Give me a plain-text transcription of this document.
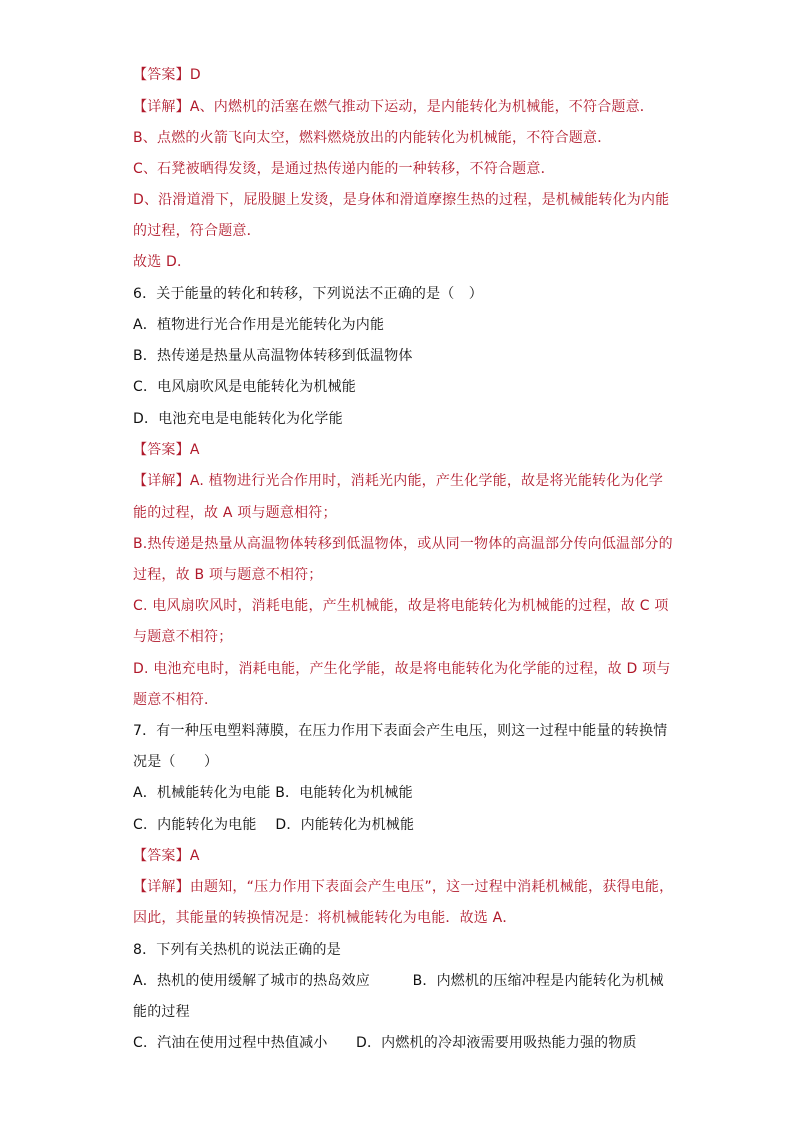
【答案】D
【详解】A、内燃机的活塞在燃气推动下运动，是内能转化为机械能，不符合题意．
B、点燃的火箭飞向太空，燃料燃烧放出的内能转化为机械能，不符合题意．
C、石凳被晒得发烫，是通过热传递内能的一种转移，不符合题意．
D、沿滑道滑下，屁股腿上发烫，是身体和滑道摩擦生热的过程，是机械能转化为内能
的过程，符合题意．
故选 D．
6．关于能量的转化和转移，下列说法不正确的是（　）
A．植物进行光合作用是光能转化为内能
B．热传递是热量从高温物体转移到低温物体
C．电风扇吹风是电能转化为机械能
D．电池充电是电能转化为化学能
【答案】A
【详解】A. 植物进行光合作用时，消耗光内能，产生化学能，故是将光能转化为化学
能的过程，故 A 项与题意相符；
B.热传递是热量从高温物体转移到低温物体，或从同一物体的高温部分传向低温部分的
过程，故 B 项与题意不相符；
C. 电风扇吹风时，消耗电能，产生机械能，故是将电能转化为机械能的过程，故 C 项
与题意不相符；
D. 电池充电时，消耗电能，产生化学能，故是将电能转化为化学能的过程，故 D 项与
题意不相符．
7．有一种压电塑料薄膜，在压力作用下表面会产生电压，则这一过程中能量的转换情
况是（　　）
A．机械能转化为电能 B．电能转化为机械能
C．内能转化为电能　 D．内能转化为机械能
【答案】A
【详解】由题知，“压力作用下表面会产生电压”，这一过程中消耗机械能，获得电能，
因此，其能量的转换情况是：将机械能转化为电能．故选 A．
8．下列有关热机的说法正确的是
A．热机的使用缓解了城市的热岛效应　　　B．内燃机的压缩冲程是内能转化为机械
能的过程
C．汽油在使用过程中热值减小　　D．内燃机的冷却液需要用吸热能力强的物质
